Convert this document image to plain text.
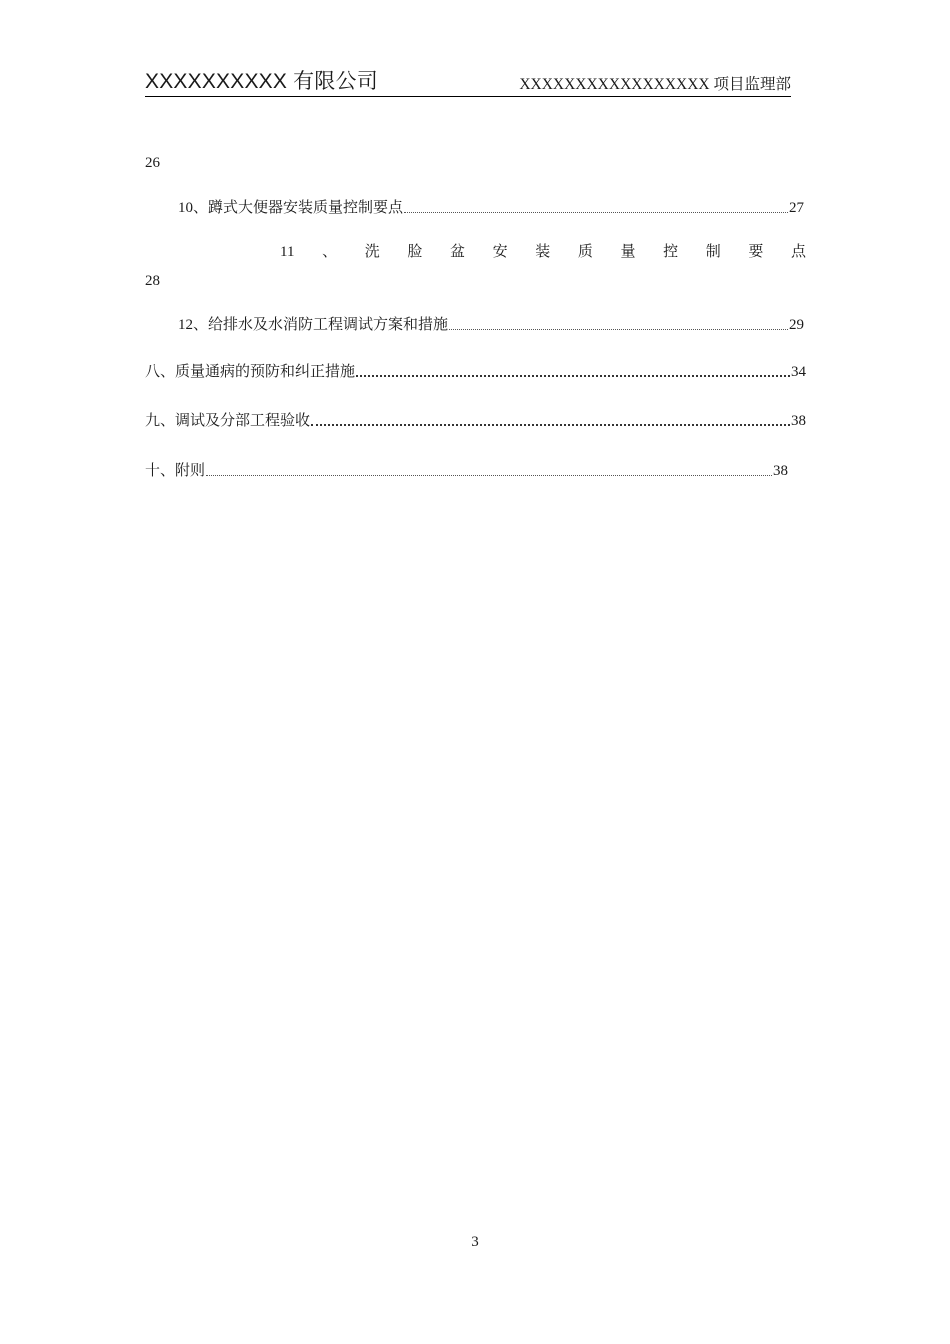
XXXXXXXXXX 有限公司	XXXXXXXXXXXXXXXXX 项目监理部
26
10、蹲式大便器安装质量控制要点	27
11 、 洗 脸 盆 安 装 质 量 控 制 要 点
28
12、给排水及水消防工程调试方案和措施	29
八、质量通病的预防和纠正措施	34
九、调试及分部工程验收	38
十、附则	38
3
